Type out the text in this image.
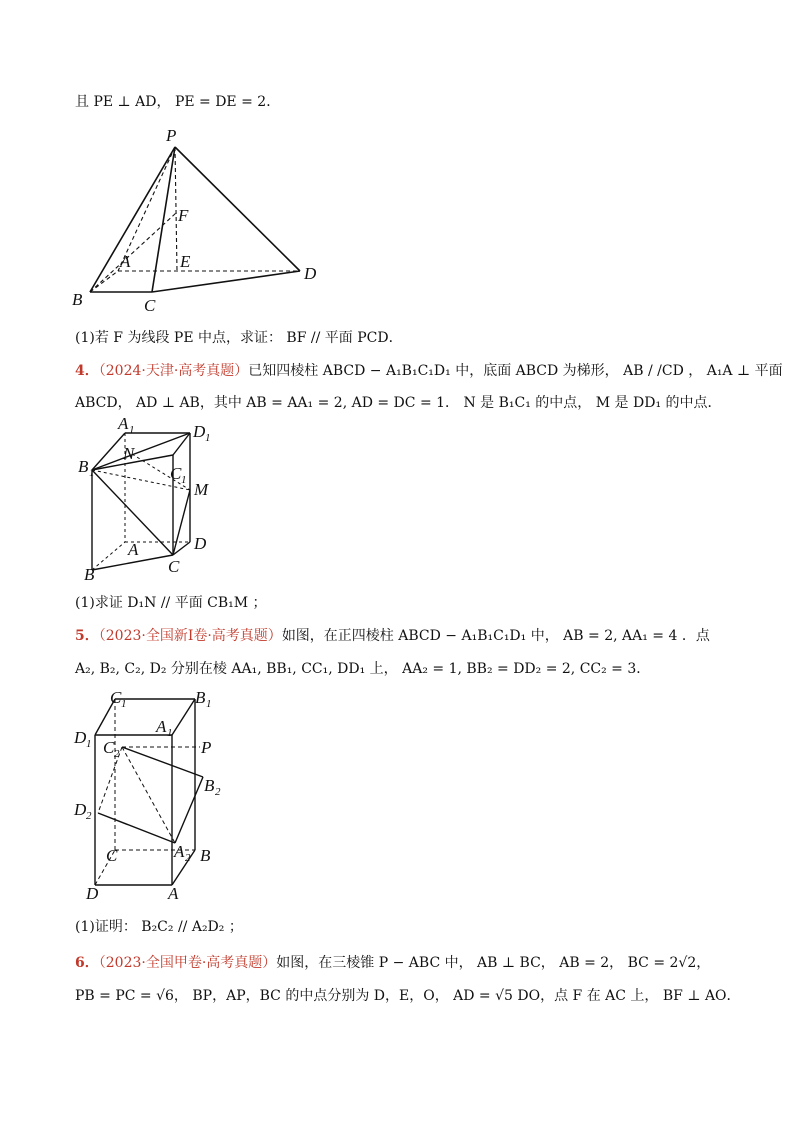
且 PE ⊥ AD， PE = DE = 2．
P
F
A	E
B	C
D
(1)若 F 为线段 PE 中点，求证： BF // 平面 PCD．
4．（2024·天津·高考真题）已知四棱柱 ABCD − A₁B₁C₁D₁ 中，底面 ABCD 为梯形， AB / /CD ， A₁A ⊥ 平面
ABCD， AD ⊥ AB，其中 AB = AA₁ = 2, AD = DC = 1． N 是 B₁C₁ 的中点， M 是 DD₁ 的中点．
A 1	D 1
N
C 1
B 1
M
A	D
B	C
(1)求证 D₁N // 平面 CB₁M ；
5．（2023·全国新Ⅰ卷·高考真题）如图，在正四棱柱 ABCD − A₁B₁C₁D₁ 中， AB = 2, AA₁ = 4 ．点
A₂, B₂, C₂, D₂ 分别在棱 AA₁, BB₁, CC₁, DD₁ 上， AA₂ = 1, BB₂ = DD₂ = 2, CC₂ = 3．
C 1	B 1
A 1
D 1 C 2	P
B 2
D 2
A 2
C	B
D	A
(1)证明： B₂C₂ // A₂D₂ ；
6．（2023·全国甲卷·高考真题）如图，在三棱锥 P − ABC 中， AB ⊥ BC， AB = 2， BC = 2√2，
PB = PC = √6， BP，AP，BC 的中点分别为 D，E，O， AD = √5 DO，点 F 在 AC 上， BF ⊥ AO．
